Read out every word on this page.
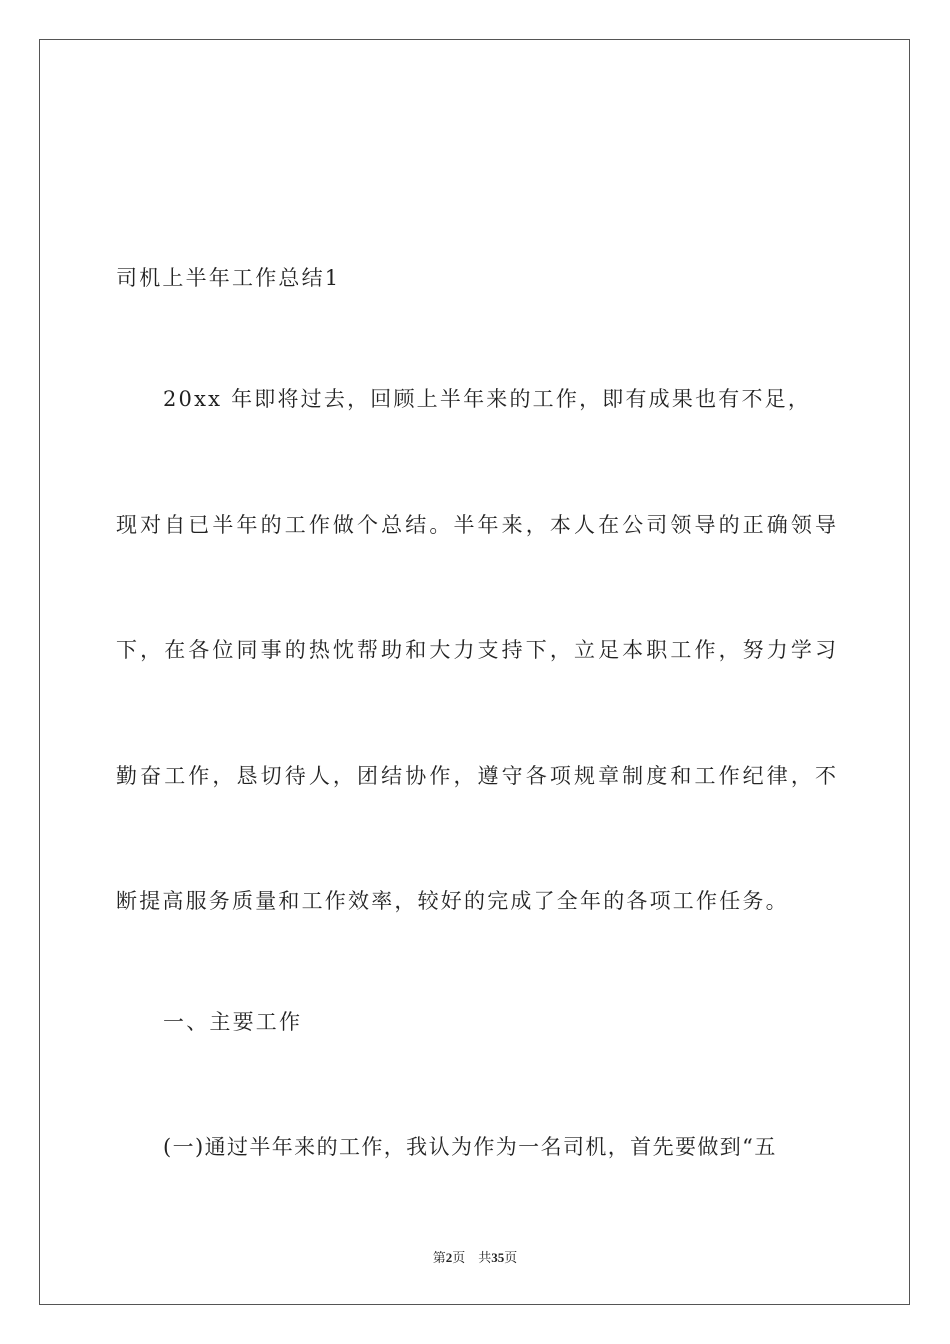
司机上半年工作总结1
20xx 年即将过去，回顾上半年来的工作，即有成果也有不足，
现对自已半年的工作做个总结。半年来，本人在公司领导的正确领导
下，在各位同事的热忱帮助和大力支持下，立足本职工作，努力学习
勤奋工作，恳切待人，团结协作，遵守各项规章制度和工作纪律，不
断提高服务质量和工作效率，较好的完成了全年的各项工作任务。
一、主要工作
(一)通过半年来的工作，我认为作为一名司机，首先要做到“五
第2页　共35页
